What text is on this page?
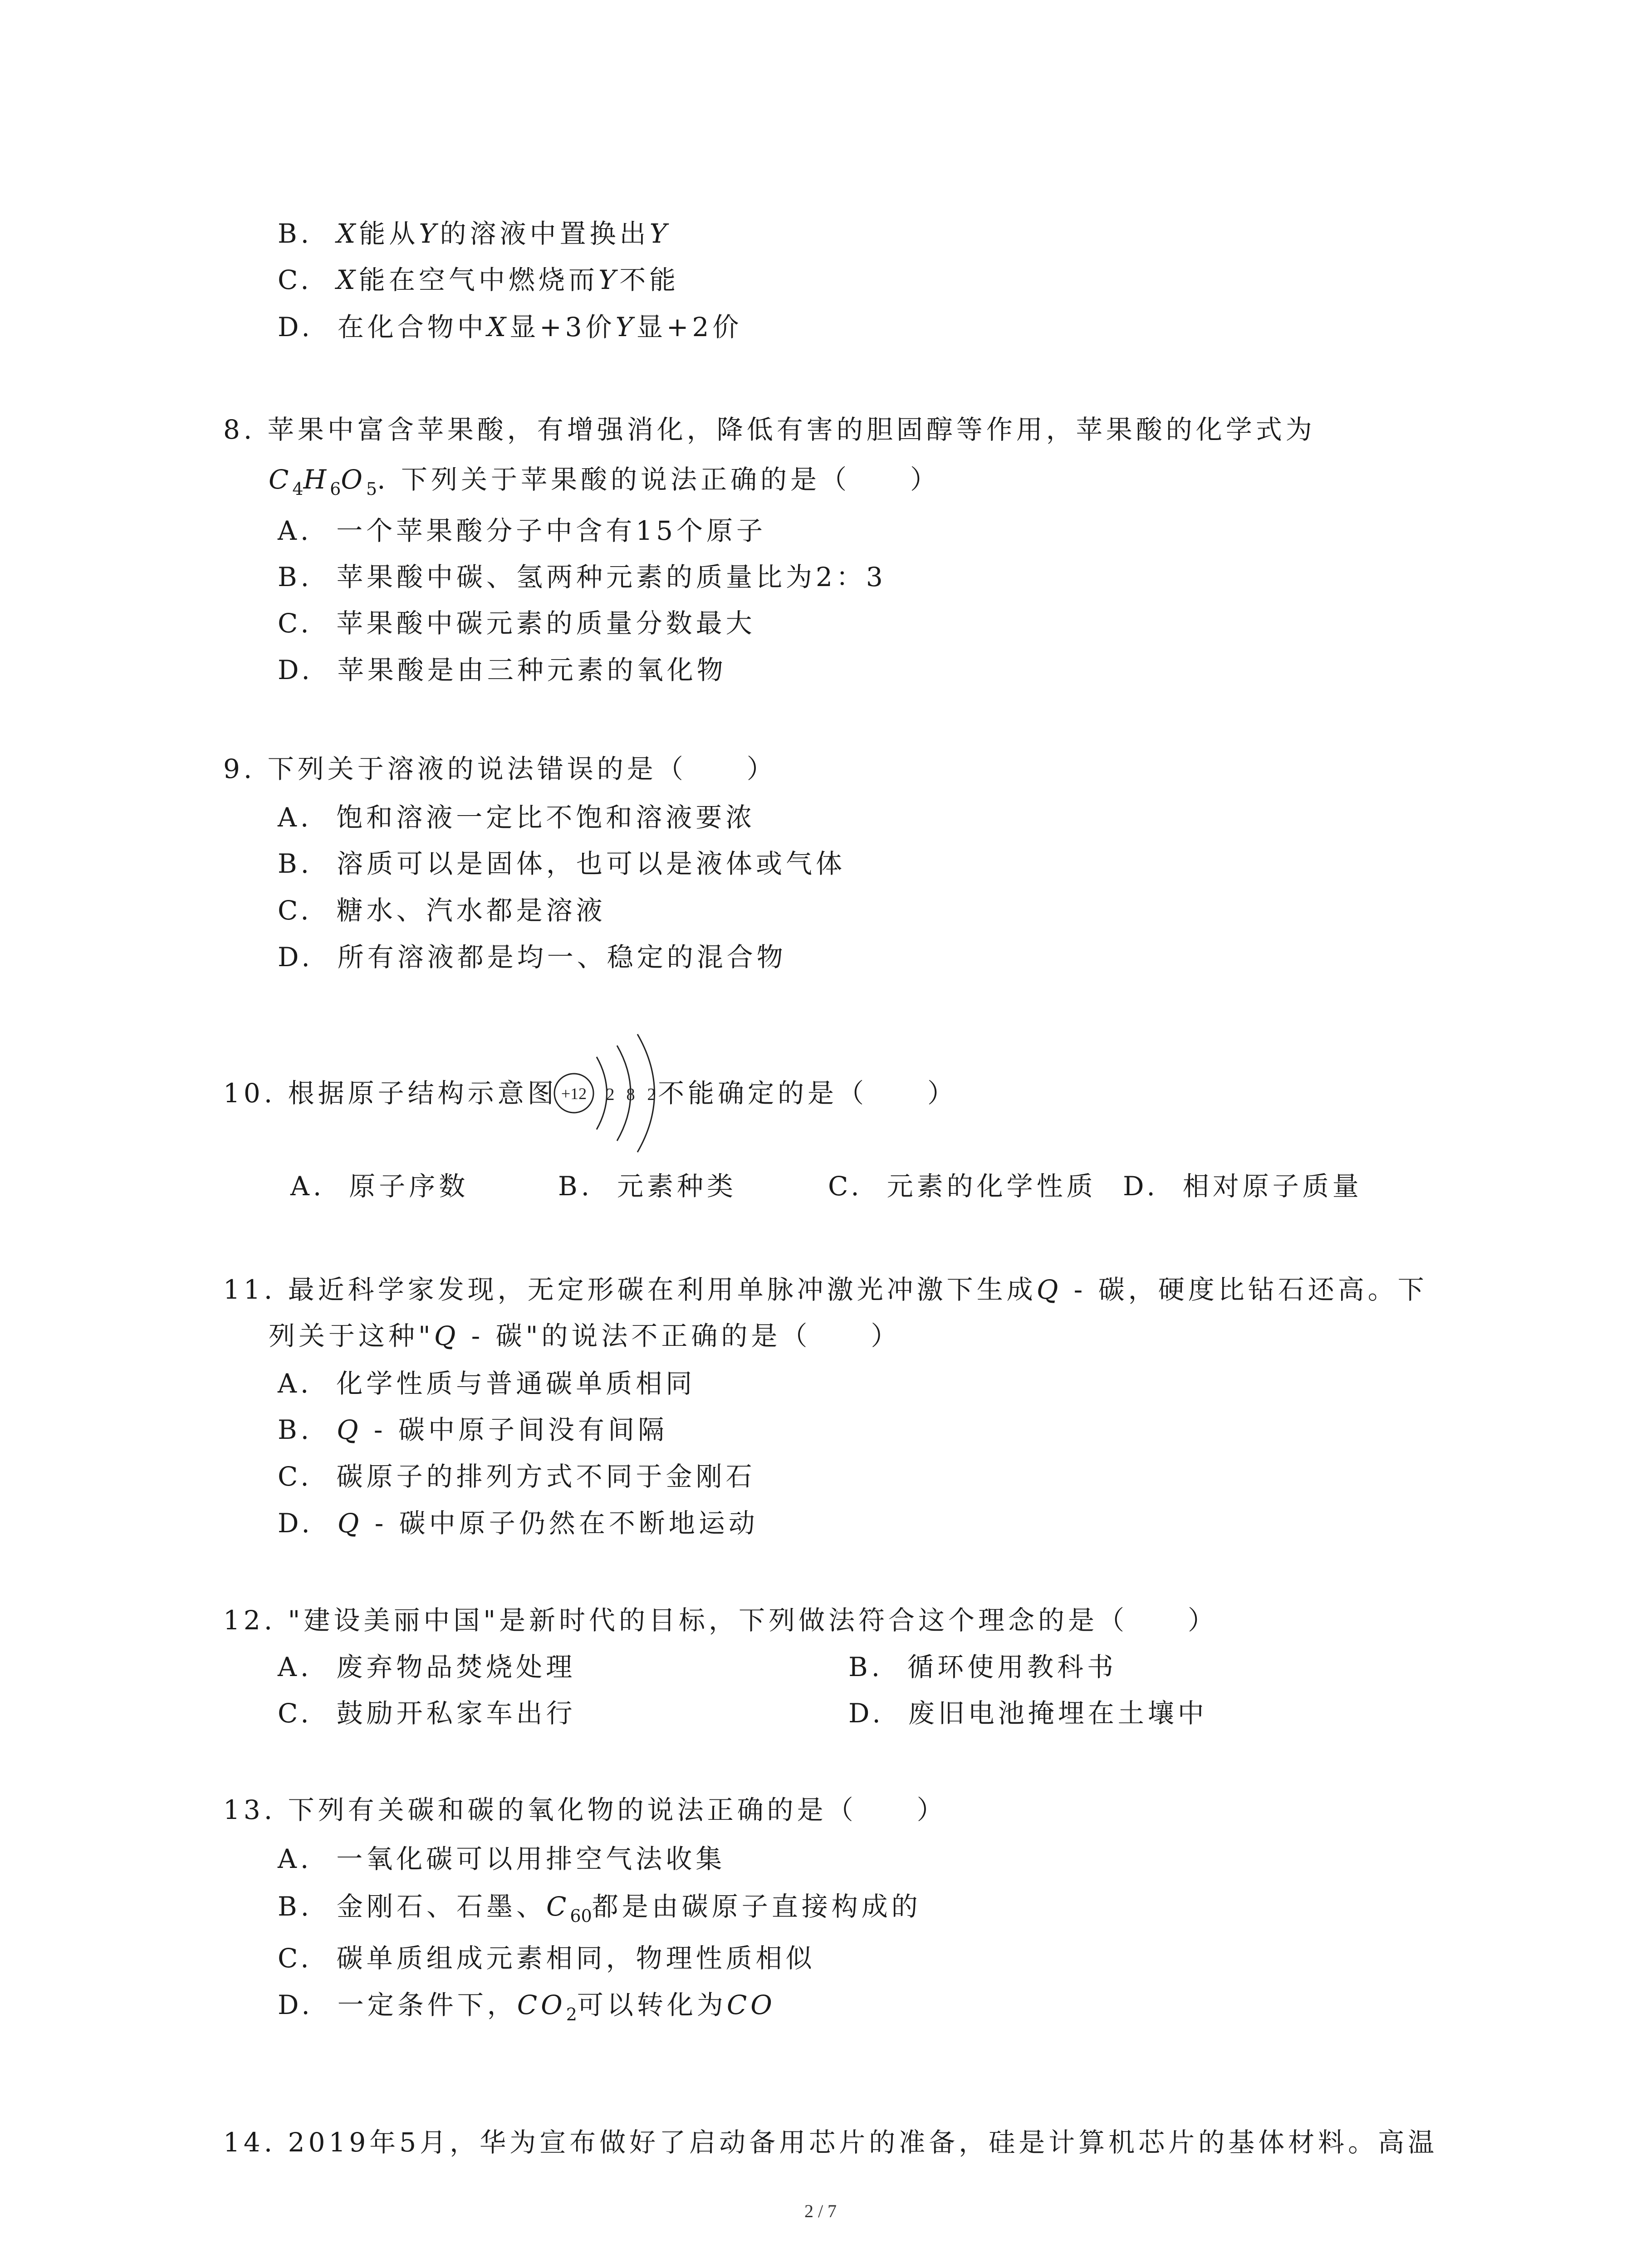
B. X能从Y的溶液中置换出Y
C. X能在空气中燃烧而Y不能
D. 在化合物中X显+3价Y显+2价
8. 苹果中富含苹果酸，有增强消化，降低有害的胆固醇等作用，苹果酸的化学式为
$C_4H_6O_5$. 下列关于苹果酸的说法正确的是（　　）
A. 一个苹果酸分子中含有15个原子
B. 苹果酸中碳、氢两种元素的质量比为2：3
C. 苹果酸中碳元素的质量分数最大
D. 苹果酸是由三种元素的氧化物
9. 下列关于溶液的说法错误的是（　　）
A. 饱和溶液一定比不饱和溶液要浓
B. 溶质可以是固体，也可以是液体或气体
C. 糖水、汽水都是溶液
D. 所有溶液都是均一、稳定的混合物
10. 根据原子结构示意图 +12 2 8 2 不能确定的是（　　）
A. 原子序数	B. 元素种类	C. 元素的化学性质 D. 相对原子质量
11. 最近科学家发现，无定形碳在利用单脉冲激光冲激下生成Q - 碳，硬度比钻石还高。下
列关于这种"Q - 碳"的说法不正确的是（　　）
A. 化学性质与普通碳单质相同
B. Q - 碳中原子间没有间隔
C. 碳原子的排列方式不同于金刚石
D. Q - 碳中原子仍然在不断地运动
12. "建设美丽中国"是新时代的目标，下列做法符合这个理念的是（　　）
A. 废弃物品焚烧处理	B. 循环使用教科书
C. 鼓励开私家车出行	D. 废旧电池掩埋在土壤中
13. 下列有关碳和碳的氧化物的说法正确的是（　　）
A. 一氧化碳可以用排空气法收集
B. 金刚石、石墨、$C_{60}$都是由碳原子直接构成的
C. 碳单质组成元素相同，物理性质相似
D. 一定条件下，$CO_2$可以转化为CO
14. 2019年5月，华为宣布做好了启动备用芯片的准备，硅是计算机芯片的基体材料。高温
2 / 7
